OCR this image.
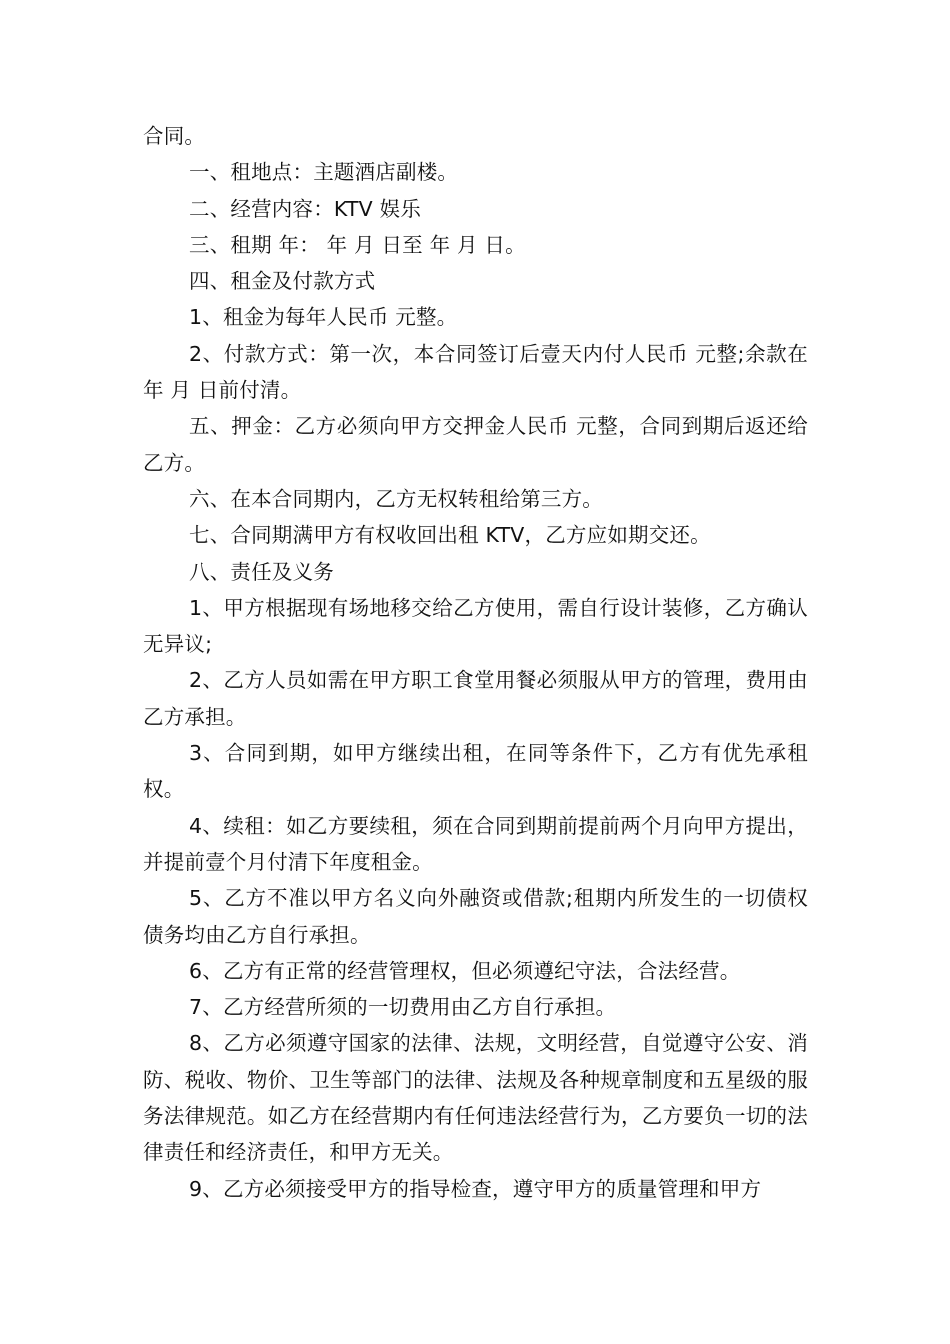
合同。

一、租地点：主题酒店副楼。

二、经营内容：KTV 娱乐

三、租期 年： 年 月 日至 年 月 日。

四、租金及付款方式

1、租金为每年人民币 元整。

2、付款方式：第一次，本合同签订后壹天内付人民币 元整;余款在 年 月 日前付清。

五、押金：乙方必须向甲方交押金人民币 元整，合同到期后返还给乙方。

六、在本合同期内，乙方无权转租给第三方。

七、合同期满甲方有权收回出租 KTV，乙方应如期交还。

八、责任及义务

1、甲方根据现有场地移交给乙方使用，需自行设计装修，乙方确认无异议;

2、乙方人员如需在甲方职工食堂用餐必须服从甲方的管理，费用由乙方承担。

3、合同到期，如甲方继续出租，在同等条件下，乙方有优先承租权。

4、续租：如乙方要续租，须在合同到期前提前两个月向甲方提出，并提前壹个月付清下年度租金。

5、乙方不准以甲方名义向外融资或借款;租期内所发生的一切债权债务均由乙方自行承担。

6、乙方有正常的经营管理权，但必须遵纪守法，合法经营。

7、乙方经营所须的一切费用由乙方自行承担。

8、乙方必须遵守国家的法律、法规，文明经营，自觉遵守公安、消防、税收、物价、卫生等部门的法律、法规及各种规章制度和五星级的服务法律规范。如乙方在经营期内有任何违法经营行为，乙方要负一切的法律责任和经济责任，和甲方无关。

9、乙方必须接受甲方的指导检查，遵守甲方的质量管理和甲方
